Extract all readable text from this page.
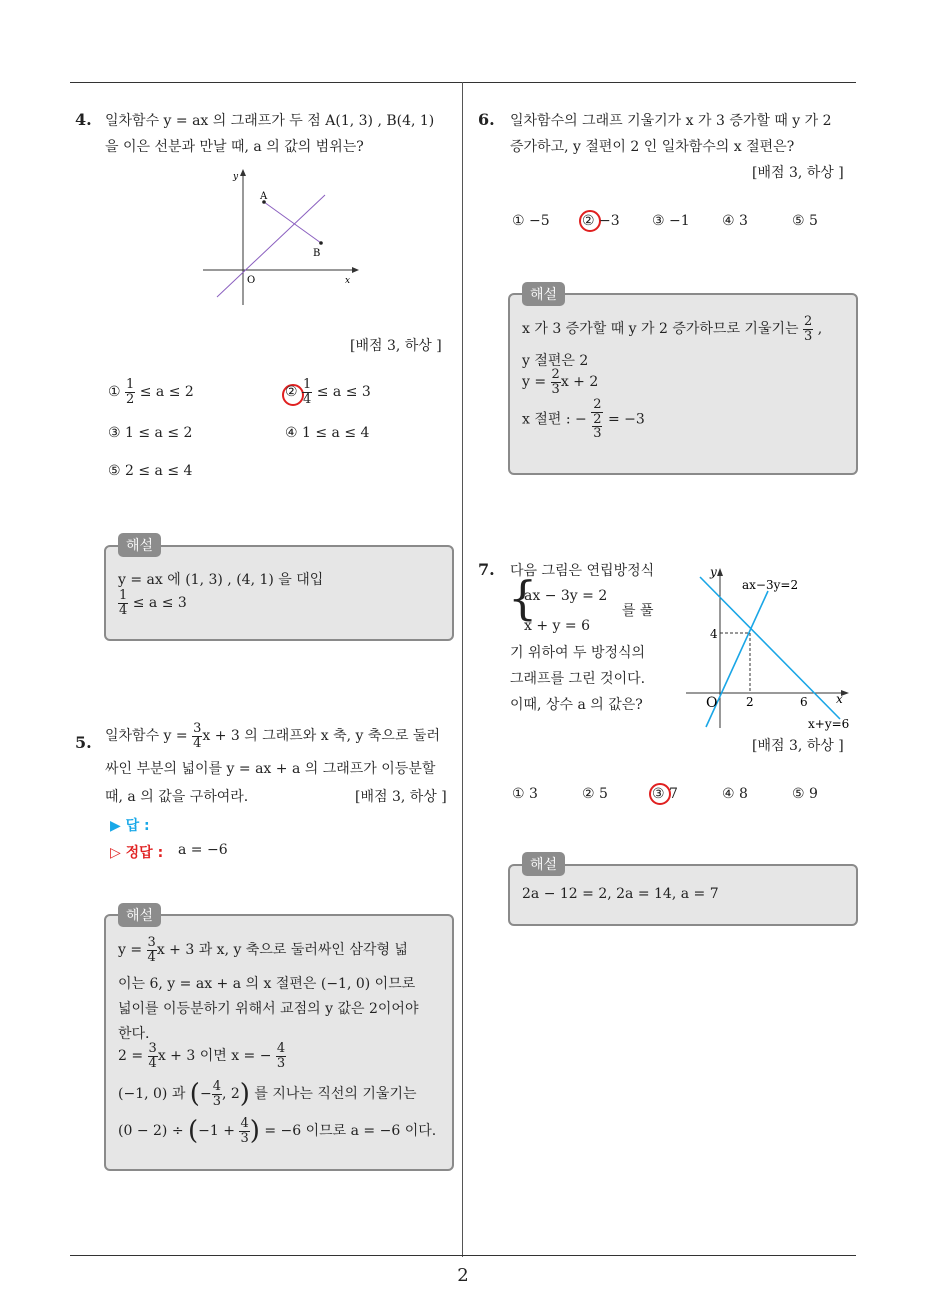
4. 일차함수 y = ax 의 그래프가 두 점 A(1, 3) , B(4, 1)
을 이은 선분과 만날 때, a 의 값의 범위는?
A
B
O	x
y
[배점 3, 하상 ]
① $\frac{1}{2} \le a \le 2$	② $\frac{1}{4} \le a \le 3$
③ 1 ≤ a ≤ 2	④ 1 ≤ a ≤ 4
⑤ 2 ≤ a ≤ 4
y = ax 에 (1, 3) , (4, 1) 을 대입
$\frac{1}{4} \le a \le 3$
해설
5. 일차함수 $y = \frac{3}{4}$ x + 3 의 그래프와 x 축, y 축으로 둘러
싸인 부분의 넓이를 y = ax + a 의 그래프가 이등분할
때, a 의 값을 구하여라.	[배점 3, 하상 ]
▶ 답 :
▷ 정답 : a = −6
$y = \frac{3}{4}$ x + 3 과 x, y 축으로 둘러싸인 삼각형 넓
이는 6, y = ax + a 의 x 절편은 (−1, 0) 이므로
넓이를 이등분하기 위해서 교점의 y 값은 2이어야
한다.
$2 = \frac{3}{4}$ x + 3 이면 x = − $\frac{4}{3}$
(−1, 0) 과 (− $\frac{4}{3}$ , 2) 를 지나는 직선의 기울기는
$(0 - 2) \div (-1 + \frac{4}{3}$ ) = −6 이므로 a = −6 이다.
해설
6. 일차함수의 그래프 기울기가 x 가 3 증가할 때 y 가 2
증가하고, y 절편이 2 인 일차함수의 x 절편은?
[배점 3, 하상 ]
① −5 ② −3 ③ −1 ④ 3	⑤ 5
x 가 3 증가할 때 y 가 2 증가하므로 기울기는 $\frac{2}{3}$ ,
y 절편은 2
$y = \frac{2}{3}$ x + 2
x 절편 : − $\frac{2}{\frac{2}{3}} = -3$
해설
7. 다음 그림은 연립방정식
{
ax − 3y = 2
x + y = 6
를 풀
기 위하여 두 방정식의
그래프를 그린 것이다.
이때, 상수 a 의 값은?
y
x
O
4
2	6
ax−3y=2
x+y=6
[배점 3, 하상 ]
① 3	② 5	③ 7	④ 8	⑤ 9
2a − 12 = 2, 2a = 14, a = 7
해설
2
